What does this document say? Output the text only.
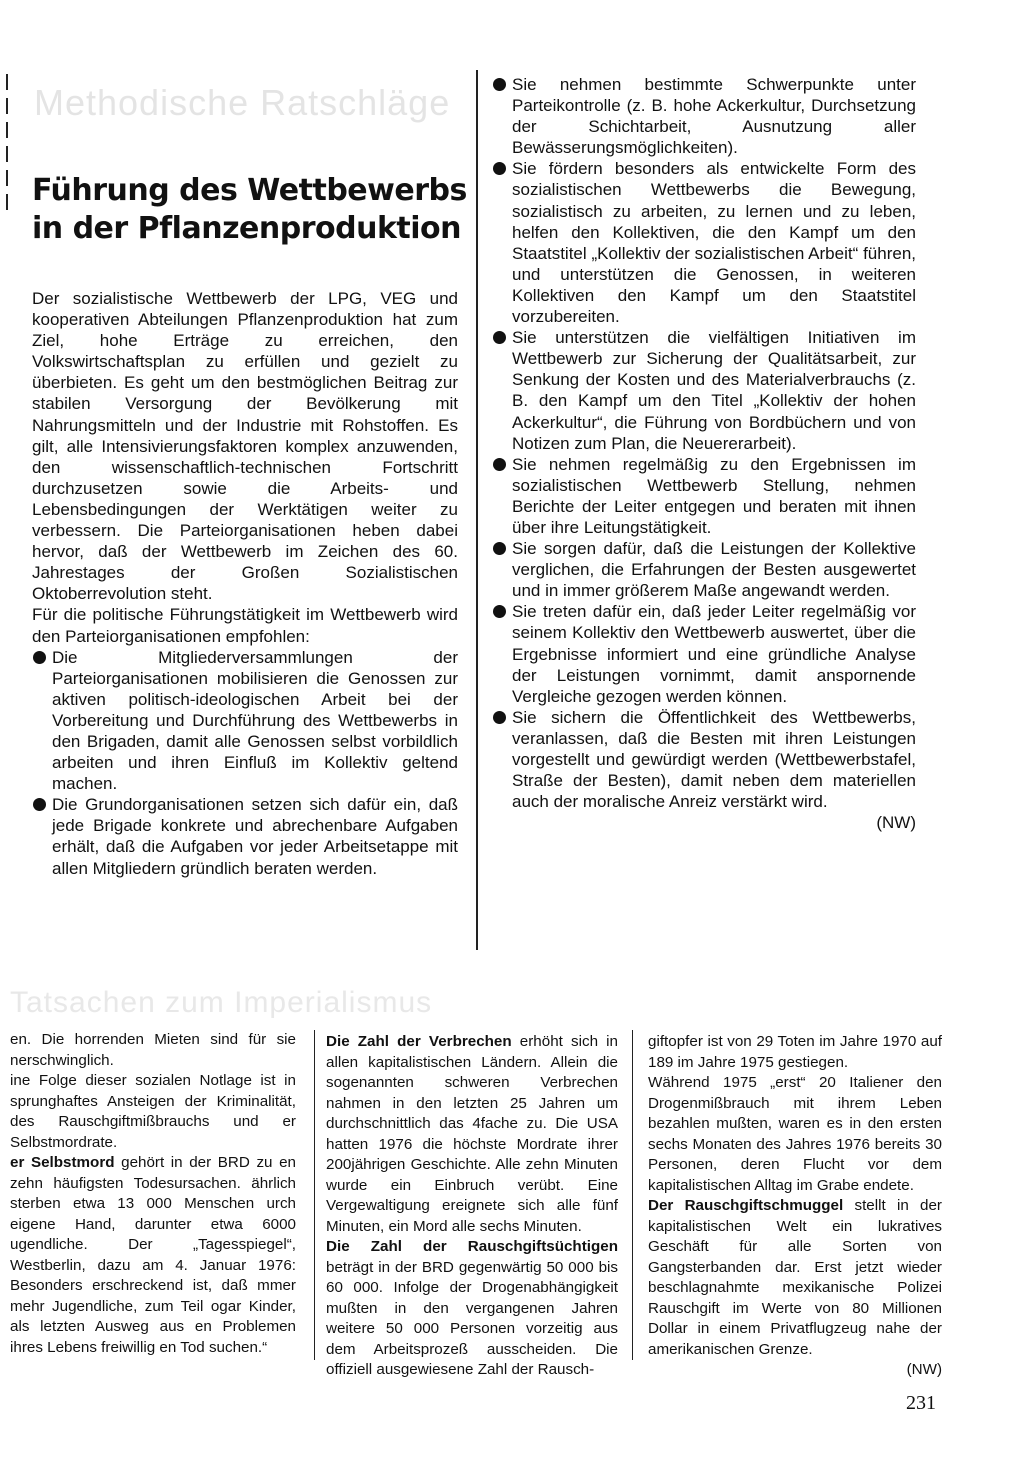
Methodische Ratschläge
Führung des Wettbewerbs
in der Pflanzenproduktion

Der sozialistische Wettbewerb der LPG, VEG und kooperativen Abteilungen Pflanzenproduktion hat zum Ziel, hohe Erträge zu erreichen, den Volkswirtschaftsplan zu erfüllen und gezielt zu überbieten. Es geht um den bestmöglichen Beitrag zur stabilen Versorgung der Bevölkerung mit Nahrungsmitteln und der Industrie mit Rohstoffen. Es gilt, alle Intensivierungsfaktoren komplex anzuwenden, den wissenschaftlich-technischen Fortschritt durchzusetzen sowie die Arbeits- und Lebensbedingungen der Werktätigen weiter zu verbessern. Die Parteiorganisationen heben dabei hervor, daß der Wettbewerb im Zeichen des 60. Jahrestages der Großen Sozialistischen Oktoberrevolution steht.

Für die politische Führungstätigkeit im Wettbewerb wird den Parteiorganisationen empfohlen:

Die Mitgliederversammlungen der Parteiorganisationen mobilisieren die Genossen zur aktiven politisch-ideologischen Arbeit bei der Vorbereitung und Durchführung des Wettbewerbs in den Brigaden, damit alle Genossen selbst vorbildlich arbeiten und ihren Einfluß im Kollektiv geltend machen.
Die Grundorganisationen setzen sich dafür ein, daß jede Brigade konkrete und abrechenbare Aufgaben erhält, daß die Aufgaben vor jeder Arbeitsetappe mit allen Mitgliedern gründlich beraten werden.
Sie nehmen bestimmte Schwerpunkte unter Parteikontrolle (z. B. hohe Ackerkultur, Durchsetzung der Schichtarbeit, Ausnutzung aller Bewässerungsmöglichkeiten).
Sie fördern besonders als entwickelte Form des sozialistischen Wettbewerbs die Bewegung, sozialistisch zu arbeiten, zu lernen und zu leben, helfen den Kollektiven, die den Kampf um den Staatstitel „Kollektiv der sozialistischen Arbeit“ führen, und unterstützen die Genossen, in weiteren Kollektiven den Kampf um den Staatstitel vorzubereiten.
Sie unterstützen die vielfältigen Initiativen im Wettbewerb zur Sicherung der Qualitätsarbeit, zur Senkung der Kosten und des Materialverbrauchs (z. B. den Kampf um den Titel „Kollektiv der hohen Ackerkultur“, die Führung von Bordbüchern und von Notizen zum Plan, die Neuererarbeit).
Sie nehmen regelmäßig zu den Ergebnissen im sozialistischen Wettbewerb Stellung, nehmen Berichte der Leiter entgegen und beraten mit ihnen über ihre Leitungstätigkeit.
Sie sorgen dafür, daß die Leistungen der Kollektive verglichen, die Erfahrungen der Besten ausgewertet und in immer größerem Maße angewandt werden.
Sie treten dafür ein, daß jeder Leiter regelmäßig vor seinem Kollektiv den Wettbewerb auswertet, über die Ergebnisse informiert und eine gründliche Analyse der Leistungen vornimmt, damit anspornende Vergleiche gezogen werden können.
Sie sichern die Öffentlichkeit des Wettbewerbs, veranlassen, daß die Besten mit ihren Leistungen vorgestellt und gewürdigt werden (Wettbewerbstafel, Straße der Besten), damit neben dem materiellen auch der moralische Anreiz verstärkt wird.
(NW)
Tatsachen zum Imperialismus

en. Die horrenden Mieten sind für sie nerschwinglich.

ine Folge dieser sozialen Notlage ist in sprunghaftes Ansteigen der Kriminalität, des Rauschgiftmißbrauchs und er Selbstmordrate.

er Selbstmord gehört in der BRD zu en zehn häufigsten Todesursachen. ährlich sterben etwa 13 000 Menschen urch eigene Hand, darunter etwa 6000 ugendliche. Der „Tagesspiegel“, Westberlin, dazu am 4. Januar 1976: Besonders erschreckend ist, daß mmer mehr Jugendliche, zum Teil ogar Kinder, als letzten Ausweg aus en Problemen ihres Lebens freiwillig en Tod suchen.“

Die Zahl der Verbrechen erhöht sich in allen kapitalistischen Ländern. Allein die sogenannten schweren Verbrechen nahmen in den letzten 25 Jahren um durchschnittlich das 4fache zu. Die USA hatten 1976 die höchste Mordrate ihrer 200jährigen Geschichte. Alle zehn Minuten wurde ein Einbruch verübt. Eine Vergewaltigung ereignete sich alle fünf Minuten, ein Mord alle sechs Minuten.

Die Zahl der Rauschgiftsüchtigen beträgt in der BRD gegenwärtig 50 000 bis 60 000. Infolge der Drogenabhängigkeit mußten in den vergangenen Jahren weitere 50 000 Personen vorzeitig aus dem Arbeitsprozeß ausscheiden. Die offiziell ausgewiesene Zahl der Rausch-

giftopfer ist von 29 Toten im Jahre 1970 auf 189 im Jahre 1975 gestiegen.

Während 1975 „erst“ 20 Italiener den Drogenmißbrauch mit ihrem Leben bezahlen mußten, waren es in den ersten sechs Monaten des Jahres 1976 bereits 30 Personen, deren Flucht vor dem kapitalistischen Alltag im Grabe endete.

Der Rauschgiftschmuggel stellt in der kapitalistischen Welt ein lukratives Geschäft für alle Sorten von Gangsterbanden dar. Erst jetzt wieder beschlagnahmte mexikanische Polizei Rauschgift im Werte von 80 Millionen Dollar in einem Privatflugzeug nahe der amerikanischen Grenze.

(NW)
231
